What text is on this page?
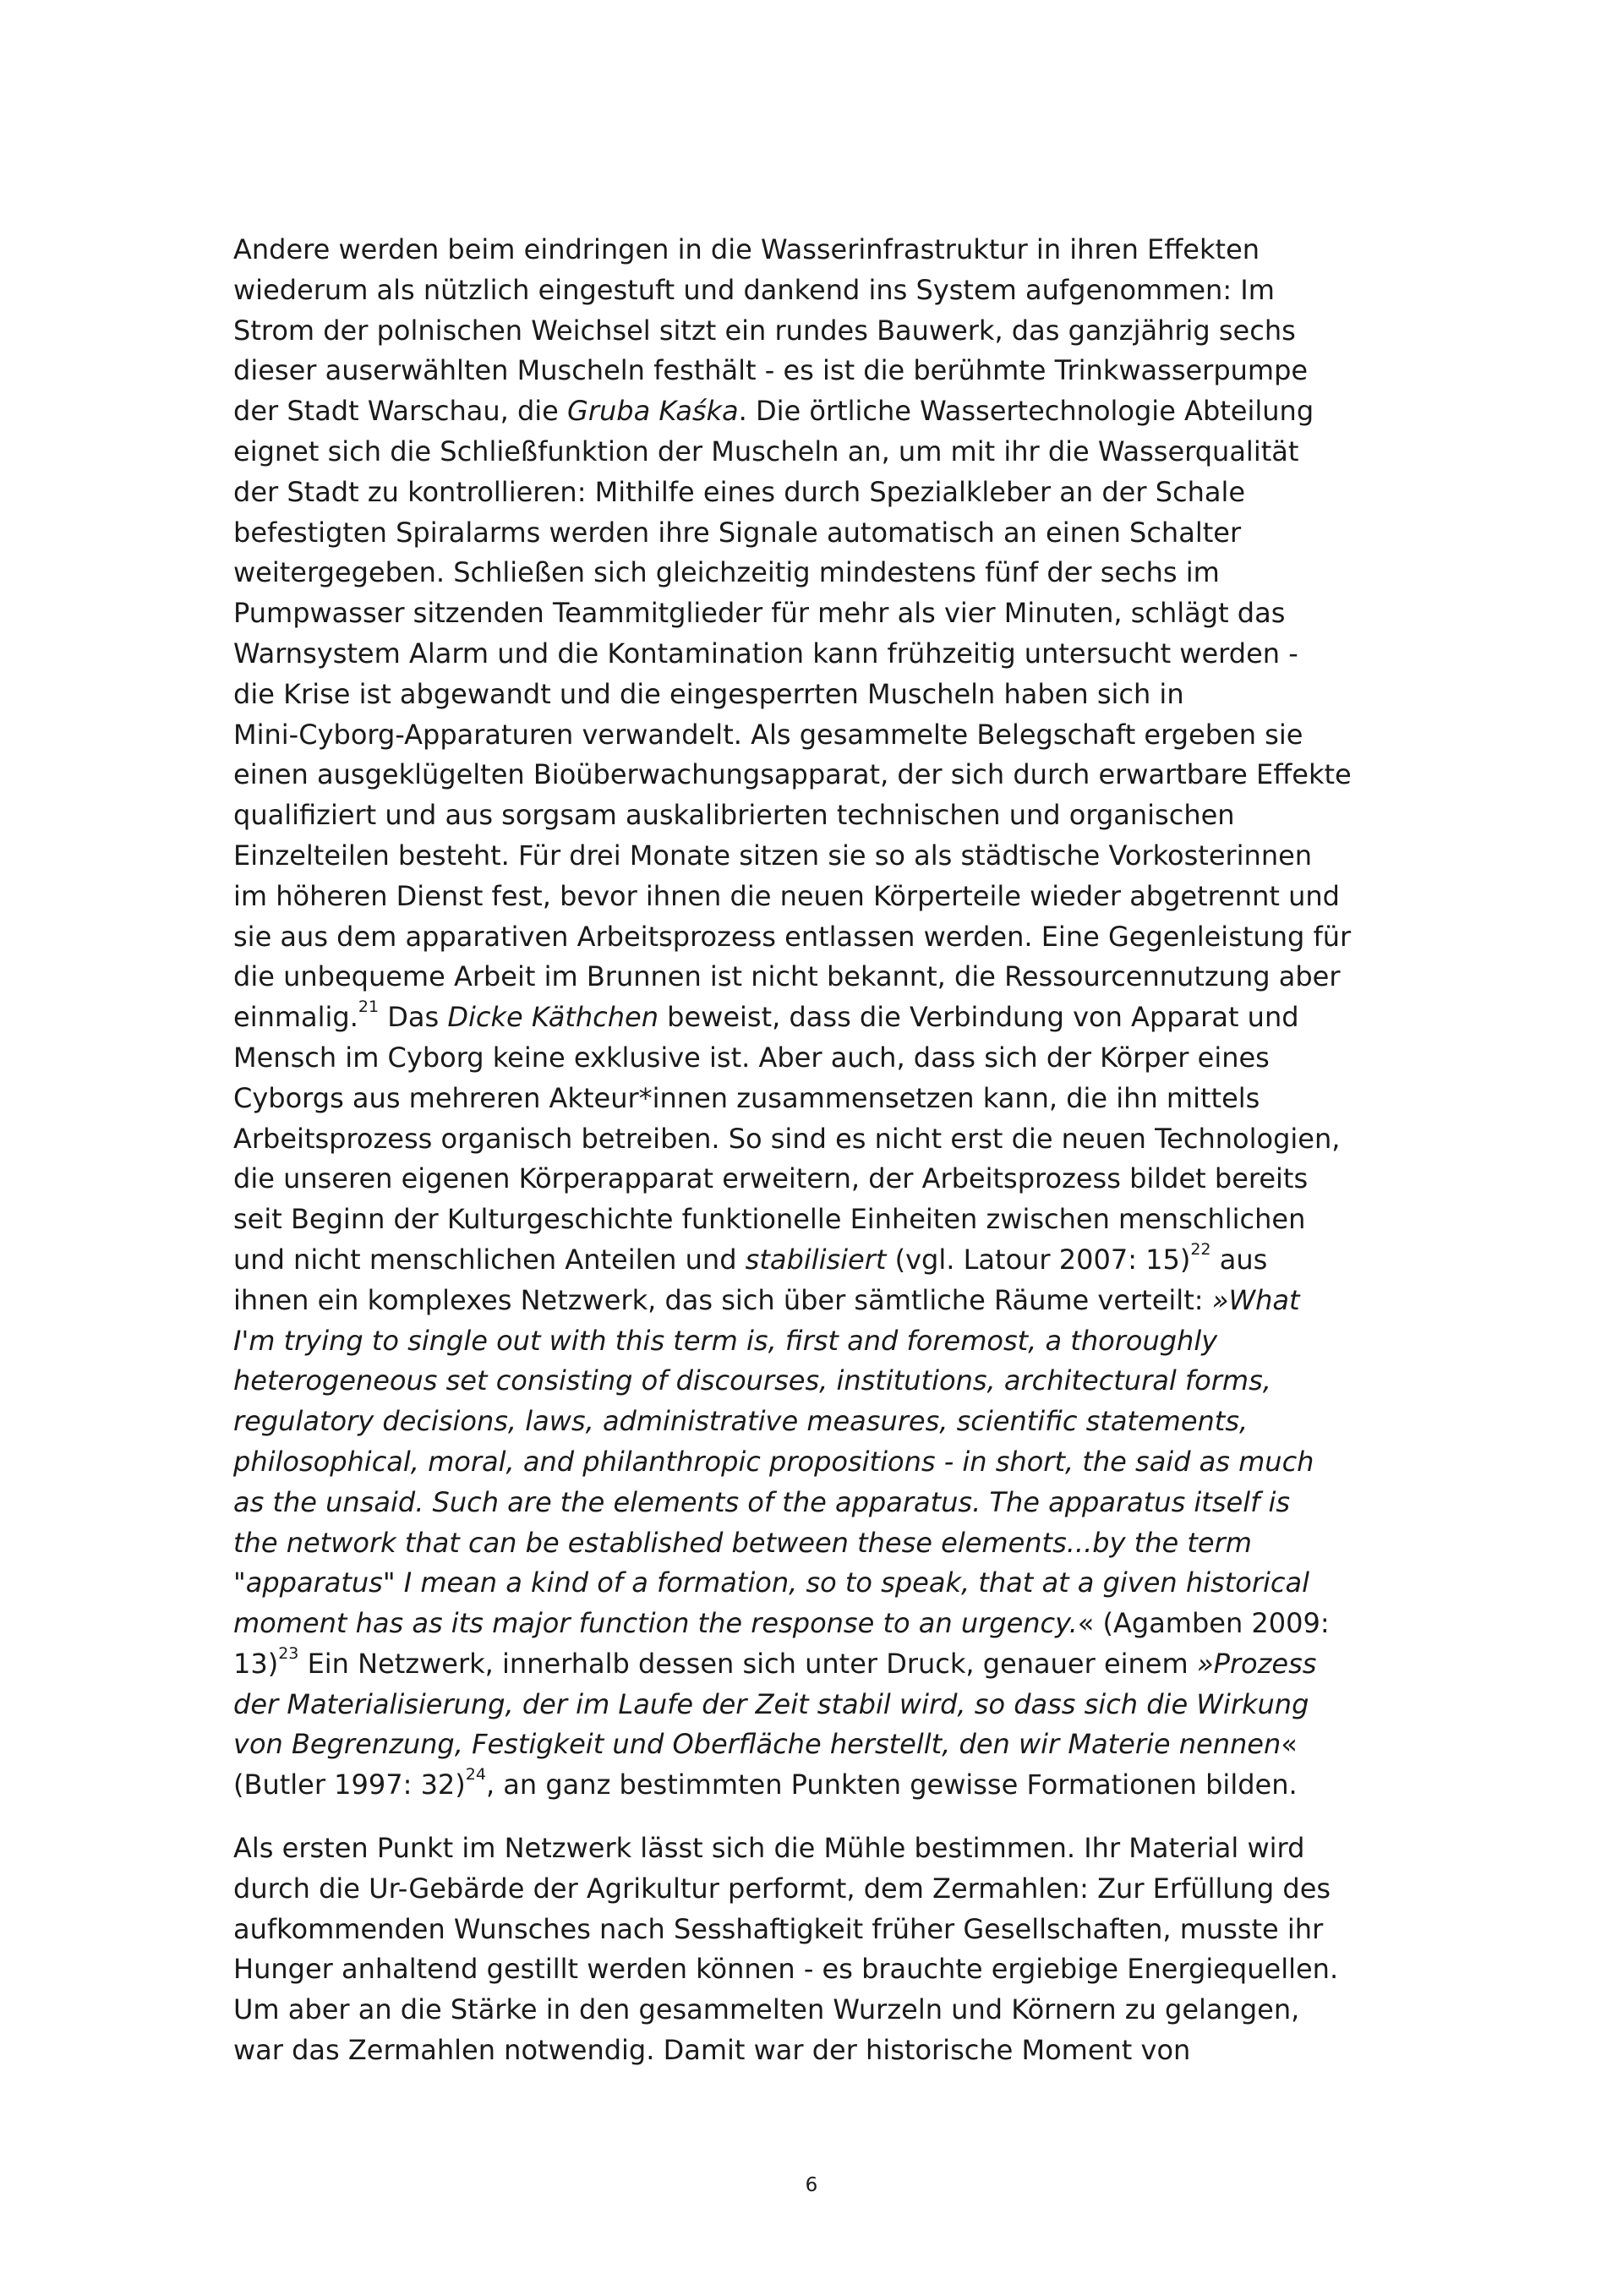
Andere werden beim eindringen in die Wasserinfrastruktur in ihren Effekten
wiederum als nützlich eingestuft und dankend ins System aufgenommen: Im
Strom der polnischen Weichsel sitzt ein rundes Bauwerk, das ganzjährig sechs
dieser auserwählten Muscheln festhält - es ist die berühmte Trinkwasserpumpe
der Stadt Warschau, die Gruba Kaśka. Die örtliche Wassertechnologie Abteilung
eignet sich die Schließfunktion der Muscheln an, um mit ihr die Wasserqualität
der Stadt zu kontrollieren: Mithilfe eines durch Spezialkleber an der Schale
befestigten Spiralarms werden ihre Signale automatisch an einen Schalter
weitergegeben. Schließen sich gleichzeitig mindestens fünf der sechs im
Pumpwasser sitzenden Teammitglieder für mehr als vier Minuten, schlägt das
Warnsystem Alarm und die Kontamination kann frühzeitig untersucht werden -
die Krise ist abgewandt und die eingesperrten Muscheln haben sich in
Mini-Cyborg-Apparaturen verwandelt. Als gesammelte Belegschaft ergeben sie
einen ausgeklügelten Bioüberwachungsapparat, der sich durch erwartbare Effekte
qualifiziert und aus sorgsam auskalibrierten technischen und organischen
Einzelteilen besteht. Für drei Monate sitzen sie so als städtische Vorkosterinnen
im höheren Dienst fest, bevor ihnen die neuen Körperteile wieder abgetrennt und
sie aus dem apparativen Arbeitsprozess entlassen werden. Eine Gegenleistung für
die unbequeme Arbeit im Brunnen ist nicht bekannt, die Ressourcennutzung aber
einmalig.$^{21}$ Das Dicke Käthchen beweist, dass die Verbindung von Apparat und
Mensch im Cyborg keine exklusive ist. Aber auch, dass sich der Körper eines
Cyborgs aus mehreren Akteur*innen zusammensetzen kann, die ihn mittels
Arbeitsprozess organisch betreiben. So sind es nicht erst die neuen Technologien,
die unseren eigenen Körperapparat erweitern, der Arbeitsprozess bildet bereits
seit Beginn der Kulturgeschichte funktionelle Einheiten zwischen menschlichen
und nicht menschlichen Anteilen und stabilisiert (vgl. Latour 2007: 15)$^{22}$ aus
ihnen ein komplexes Netzwerk, das sich über sämtliche Räume verteilt: »What
I'm trying to single out with this term is, first and foremost, a thoroughly
heterogeneous set consisting of discourses, institutions, architectural forms,
regulatory decisions, laws, administrative measures, scientific statements,
philosophical, moral, and philanthropic propositions - in short, the said as much
as the unsaid. Such are the elements of the apparatus. The apparatus itself is
the network that can be established between these elements...by the term
"apparatus" I mean a kind of a formation, so to speak, that at a given historical
moment has as its major function the response to an urgency.« (Agamben 2009:
13)$^{23}$ Ein Netzwerk, innerhalb dessen sich unter Druck, genauer einem »Prozess
der Materialisierung, der im Laufe der Zeit stabil wird, so dass sich die Wirkung
von Begrenzung, Festigkeit und Oberfläche herstellt, den wir Materie nennen«
(Butler 1997: 32)$^{24}$, an ganz bestimmten Punkten gewisse Formationen bilden.
Als ersten Punkt im Netzwerk lässt sich die Mühle bestimmen. Ihr Material wird
durch die Ur-Gebärde der Agrikultur performt, dem Zermahlen: Zur Erfüllung des
aufkommenden Wunsches nach Sesshaftigkeit früher Gesellschaften, musste ihr
Hunger anhaltend gestillt werden können - es brauchte ergiebige Energiequellen.
Um aber an die Stärke in den gesammelten Wurzeln und Körnern zu gelangen,
war das Zermahlen notwendig. Damit war der historische Moment von
6
